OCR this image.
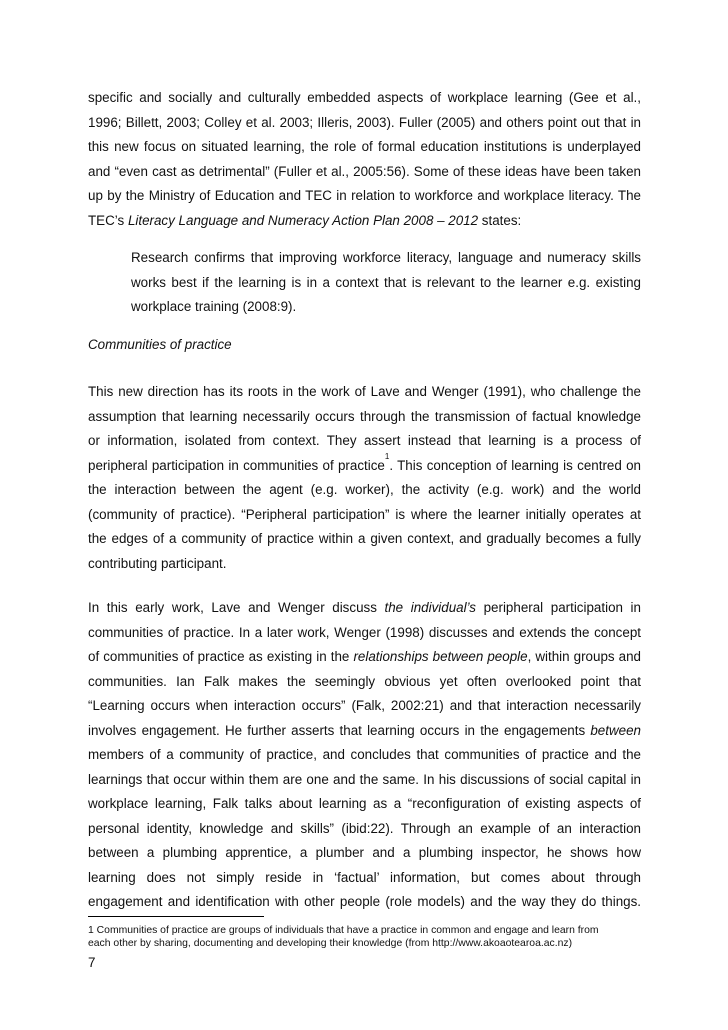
specific and socially and culturally embedded aspects of workplace learning (Gee et al.,
1996; Billett, 2003; Colley et al. 2003; Illeris, 2003). Fuller (2005) and others point out that in
this new focus on situated learning, the role of formal education institutions is underplayed
and “even cast as detrimental” (Fuller et al., 2005:56). Some of these ideas have been taken
up by the Ministry of Education and TEC in relation to workforce and workplace literacy. The
TEC’s Literacy Language and Numeracy Action Plan 2008 – 2012 states:

Research confirms that improving workforce literacy, language and numeracy skills
works best if the learning is in a context that is relevant to the learner e.g. existing
workplace training (2008:9).

Communities of practice

This new direction has its roots in the work of Lave and Wenger (1991), who challenge the
assumption that learning necessarily occurs through the transmission of factual knowledge
or information, isolated from context. They assert instead that learning is a process of
peripheral participation in communities of practice$^1$. This conception of learning is centred on
the interaction between the agent (e.g. worker), the activity (e.g. work) and the world
(community of practice). “Peripheral participation” is where the learner initially operates at
the edges of a community of practice within a given context, and gradually becomes a fully
contributing participant.

In this early work, Lave and Wenger discuss the individual’s peripheral participation in
communities of practice. In a later work, Wenger (1998) discusses and extends the concept
of communities of practice as existing in the relationships between people, within groups and
communities. Ian Falk makes the seemingly obvious yet often overlooked point that
“Learning occurs when interaction occurs” (Falk, 2002:21) and that interaction necessarily
involves engagement. He further asserts that learning occurs in the engagements between
members of a community of practice, and concludes that communities of practice and the
learnings that occur within them are one and the same. In his discussions of social capital in
workplace learning, Falk talks about learning as a “reconfiguration of existing aspects of
personal identity, knowledge and skills” (ibid:22). Through an example of an interaction
between a plumbing apprentice, a plumber and a plumbing inspector, he shows how
learning does not simply reside in ‘factual’ information, but comes about through
engagement and identification with other people (role models) and the way they do things.

1 Communities of practice are groups of individuals that have a practice in common and engage and learn from
each other by sharing, documenting and developing their knowledge (from http://www.akoaotearoa.ac.nz)

7
